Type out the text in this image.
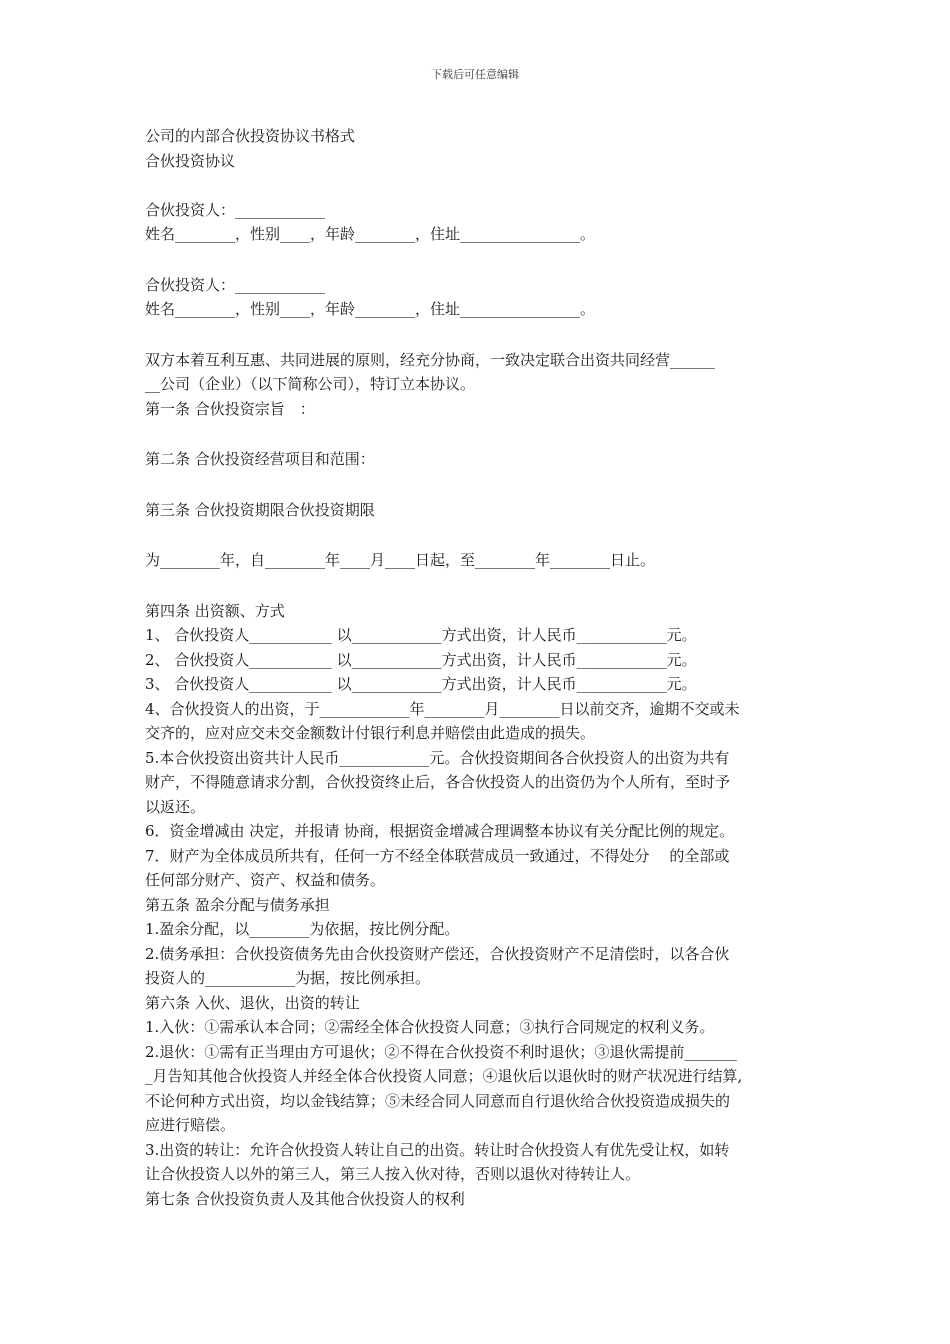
下载后可任意编辑
公司的内部合伙投资协议书格式
合伙投资协议
合伙投资人：____________
姓名________，性别____，年龄________，住址________________。
合伙投资人：____________
姓名________，性别____，年龄________，住址________________。
双方本着互利互惠、共同进展的原则，经充分协商，一致决定联合出资共同经营______
__公司（企业）（以下简称公司），特订立本协议。
第一条 合伙投资宗旨　：
第二条 合伙投资经营项目和范围：
第三条 合伙投资期限合伙投资期限
为________年，自________年____月____日起，至________年________日止。
第四条 出资额、方式
1、 合伙投资人___________ 以____________方式出资，计人民币____________元。
2、 合伙投资人___________ 以____________方式出资，计人民币____________元。
3、 合伙投资人___________ 以____________方式出资，计人民币____________元。
4、合伙投资人的出资，于____________年________月________日以前交齐，逾期不交或未
交齐的，应对应交未交金额数计付银行利息并赔偿由此造成的损失。
5.本合伙投资出资共计人民币____________元。合伙投资期间各合伙投资人的出资为共有
财产，不得随意请求分割，合伙投资终止后，各合伙投资人的出资仍为个人所有，至时予
以返还。
6．资金增减由 决定，并报请 协商，根据资金增减合理调整本协议有关分配比例的规定。
7．财产为全体成员所共有，任何一方不经全体联营成员一致通过，不得处分　 的全部或
任何部分财产、资产、权益和债务。
第五条 盈余分配与债务承担
1.盈余分配，以________为依据，按比例分配。
2.债务承担：合伙投资债务先由合伙投资财产偿还，合伙投资财产不足清偿时，以各合伙
投资人的____________为据，按比例承担。
第六条 入伙、退伙，出资的转让
1.入伙：①需承认本合同；②需经全体合伙投资人同意；③执行合同规定的权利义务。
2.退伙：①需有正当理由方可退伙；②不得在合伙投资不利时退伙；③退伙需提前_______
_月告知其他合伙投资人并经全体合伙投资人同意；④退伙后以退伙时的财产状况进行结算,
不论何种方式出资，均以金钱结算；⑤未经合同人同意而自行退伙给合伙投资造成损失的
应进行赔偿。
3.出资的转让：允许合伙投资人转让自己的出资。转让时合伙投资人有优先受让权，如转
让合伙投资人以外的第三人，第三人按入伙对待，否则以退伙对待转让人。
第七条 合伙投资负责人及其他合伙投资人的权利
